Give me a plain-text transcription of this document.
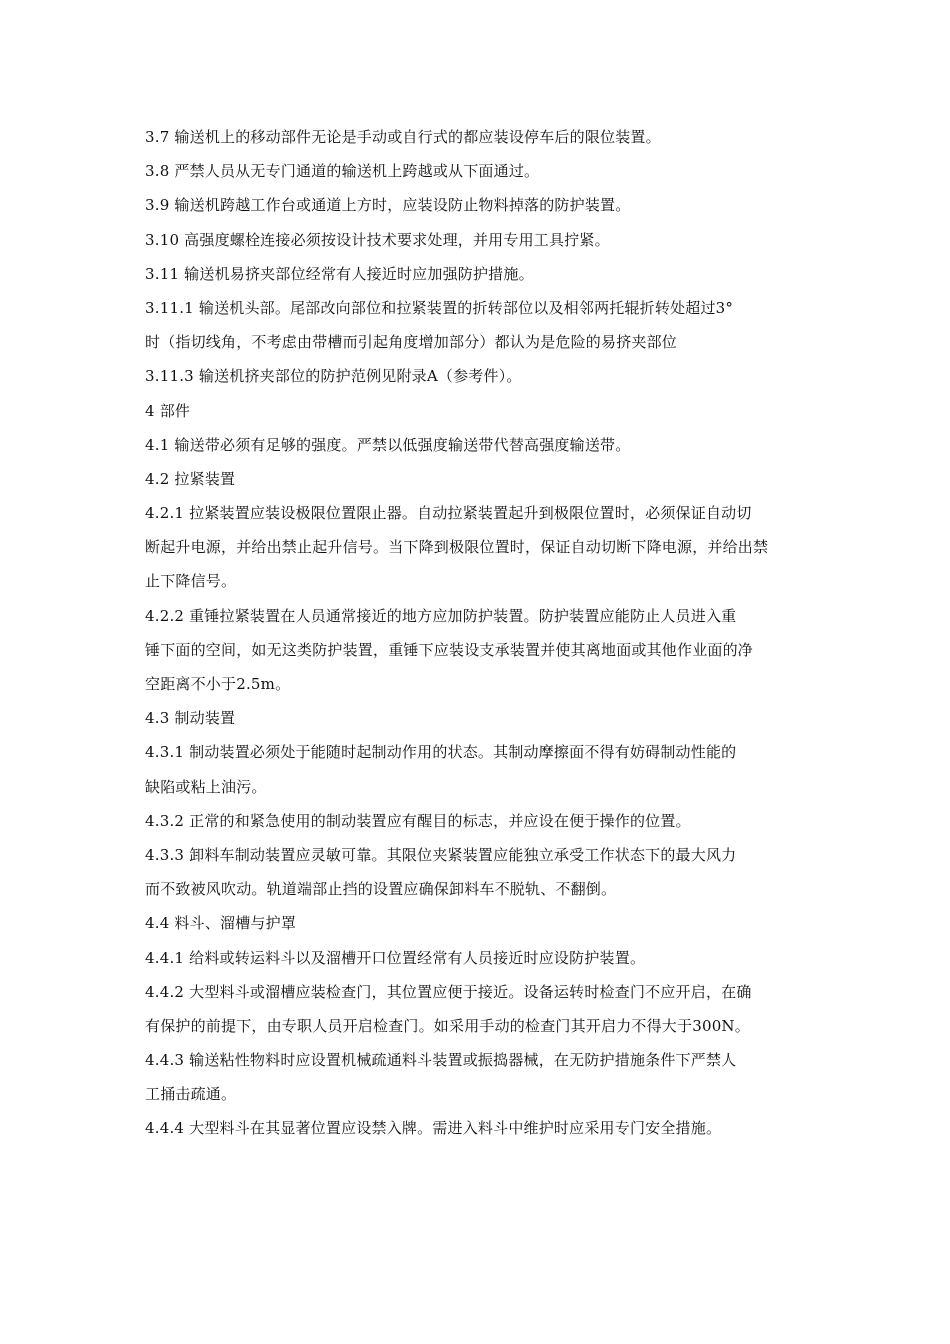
3.7 输送机上的移动部件无论是手动或自行式的都应装设停车后的限位装置。
3.8 严禁人员从无专门通道的输送机上跨越或从下面通过。
3.9 输送机跨越工作台或通道上方时，应装设防止物料掉落的防护装置。
3.10 高强度螺栓连接必须按设计技术要求处理，并用专用工具拧紧。
3.11 输送机易挤夹部位经常有人接近时应加强防护措施。
3.11.1 输送机头部。尾部改向部位和拉紧装置的折转部位以及相邻两托辊折转处超过3°
时（指切线角，不考虑由带槽而引起角度增加部分）都认为是危险的易挤夹部位
3.11.3 输送机挤夹部位的防护范例见附录A（参考件）。
4 部件
4.1 输送带必须有足够的强度。严禁以低强度输送带代替高强度输送带。
4.2 拉紧装置
4.2.1 拉紧装置应装设极限位置限止器。自动拉紧装置起升到极限位置时，必须保证自动切
断起升电源，并给出禁止起升信号。当下降到极限位置时，保证自动切断下降电源，并给出禁
止下降信号。
4.2.2 重锤拉紧装置在人员通常接近的地方应加防护装置。防护装置应能防止人员进入重
锤下面的空间，如无这类防护装置，重锤下应装设支承装置并使其离地面或其他作业面的净
空距离不小于2.5m。
4.3 制动装置
4.3.1 制动装置必须处于能随时起制动作用的状态。其制动摩擦面不得有妨碍制动性能的
缺陷或粘上油污。
4.3.2 正常的和紧急使用的制动装置应有醒目的标志，并应设在便于操作的位置。
4.3.3 卸料车制动装置应灵敏可靠。其限位夹紧装置应能独立承受工作状态下的最大风力
而不致被风吹动。轨道端部止挡的设置应确保卸料车不脱轨、不翻倒。
4.4 料斗、溜槽与护罩
4.4.1 给料或转运料斗以及溜槽开口位置经常有人员接近时应设防护装置。
4.4.2 大型料斗或溜槽应装检查门，其位置应便于接近。设备运转时检查门不应开启，在确
有保护的前提下，由专职人员开启检查门。如采用手动的检查门其开启力不得大于300N。
4.4.3 输送粘性物料时应设置机械疏通料斗装置或振捣器械，在无防护措施条件下严禁人
工捅击疏通。
4.4.4 大型料斗在其显著位置应设禁入牌。需进入料斗中维护时应采用专门安全措施。
